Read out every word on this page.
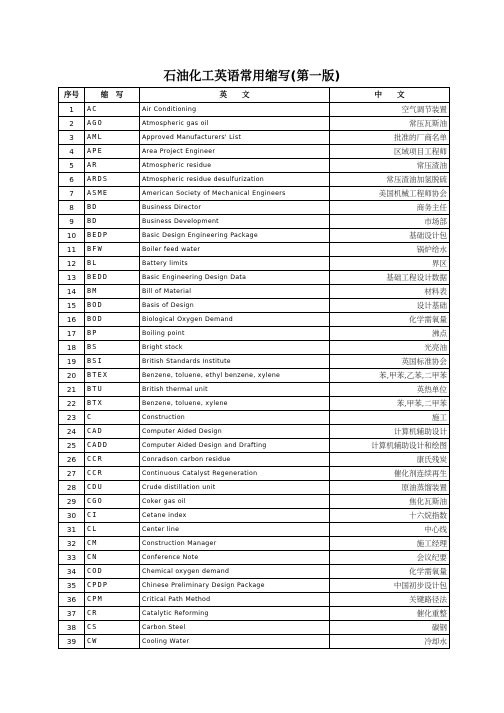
石油化工英语常用缩写(第一版)
序号	缩　写	英　　文	中　　文
1	AC	Air Conditioning	空气调节装置
2	AGO	Atmospheric gas oil	常压瓦斯油
3	AML	Approved Manufacturers' List	批准的厂商名单
4	APE	Area Project Engineer	区域项目工程师
5	AR	Atmospheric residue	常压渣油
6	ARDS	Atmospheric residue desulfurization	常压渣油加氢脱硫
7	ASME	American Society of Mechanical Engineers	美国机械工程师协会
8	BD	Business Director	商务主任
9	BD	Business Development	市场部
10	BEDP	Basic Design Engineering Package	基础设计包
11	BFW	Boiler feed water	锅炉给水
12	BL	Battery limits	界区
13	BEDD	Basic Engineering Design Data	基础工程设计数据
14	BM	Bill of Material	材料表
15	BOD	Basis of Design	设计基础
16	BOD	Biological Oxygen Demand	化学需氧量
17	BP	Boiling point	沸点
18	BS	Bright stock	光亮油
19	BSI	British Standards Institute	英国标准协会
20	BTEX	Benzene, toluene, ethyl benzene, xylene	苯,甲苯,乙苯,二甲苯
21	BTU	British thermal unit	英热单位
22	BTX	Benzene, toluene, xylene	苯,甲苯,二甲苯
23	C	Construction	施工
24	CAD	Computer Aided Design	计算机辅助设计
25	CADD	Computer Aided Design and Drafting	计算机辅助设计和绘图
26	CCR	Conradson carbon residue	康氏残炭
27	CCR	Continuous Catalyst Regeneration	催化剂连续再生
28	CDU	Crude distillation unit	原油蒸馏装置
29	CGO	Coker gas oil	焦化瓦斯油
30	CI	Cetane index	十六烷指数
31	CL	Center line	中心线
32	CM	Construction Manager	施工经理
33	CN	Conference Note	会议纪要
34	COD	Chemical oxygen demand	化学需氧量
35	CPDP	Chinese Preliminary Design Package	中国初步设计包
36	CPM	Critical Path Method	关键路径法
37	CR	Catalytic Reforming	催化重整
38	CS	Carbon Steel	碳钢
39	CW	Cooling Water	冷却水
